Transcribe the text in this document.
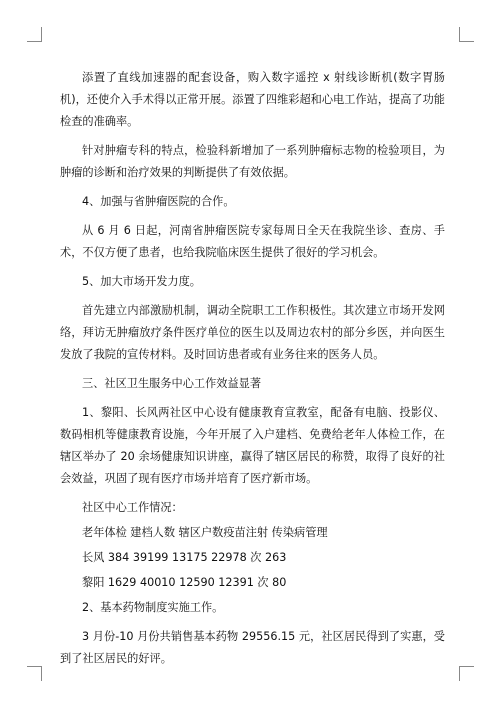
添置了直线加速器的配套设备，购入数字遥控 x 射线诊断机(数字胃肠机)，还使介入手术得以正常开展。添置了四维彩超和心电工作站，提高了功能检查的准确率。

针对肿瘤专科的特点，检验科新增加了一系列肿瘤标志物的检验项目，为肿瘤的诊断和治疗效果的判断提供了有效依据。

4、加强与省肿瘤医院的合作。

从 6 月 6 日起，河南省肿瘤医院专家每周日全天在我院坐诊、查房、手术，不仅方便了患者，也给我院临床医生提供了很好的学习机会。

5、加大市场开发力度。

首先建立内部激励机制，调动全院职工工作积极性。其次建立市场开发网络，拜访无肿瘤放疗条件医疗单位的医生以及周边农村的部分乡医，并向医生发放了我院的宣传材料。及时回访患者或有业务往来的医务人员。

三、社区卫生服务中心工作效益显著

1、黎阳、长风两社区中心设有健康教育宣教室，配备有电脑、投影仪、数码相机等健康教育设施，今年开展了入户建档、免费给老年人体检工作，在辖区举办了 20 余场健康知识讲座，赢得了辖区居民的称赞，取得了良好的社会效益，巩固了现有医疗市场并培育了医疗新市场。

社区中心工作情况：

老年体检 建档人数 辖区户数疫苗注射 传染病管理

长风 384 39199 13175 22978 次 263

黎阳 1629 40010 12590 12391 次 80

2、基本药物制度实施工作。

3 月份-10 月份共销售基本药物 29556.15 元，社区居民得到了实惠，受到了社区居民的好评。
